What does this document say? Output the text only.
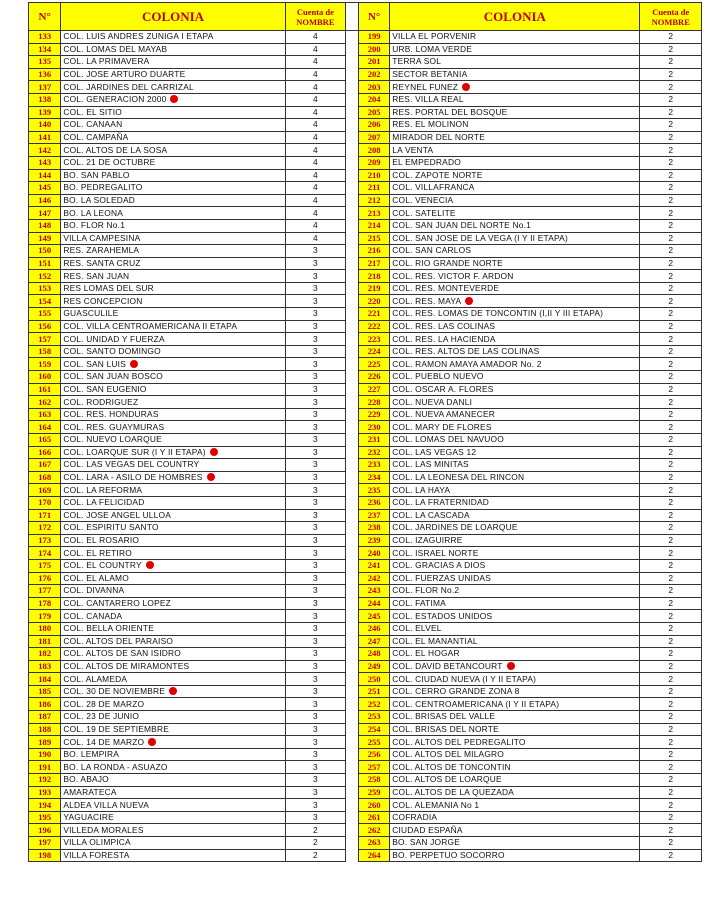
N°	COLONIA	Cuenta de NOMBRE		N°	COLONIA	Cuenta de NOMBRE
133	COL. LUIS ANDRES ZUNIGA I ETAPA	4		199	VILLA EL PORVENIR	2
134	COL. LOMAS DEL MAYAB	4		200	URB. LOMA VERDE	2
135	COL. LA PRIMAVERA	4		201	TERRA SOL	2
136	COL. JOSE ARTURO DUARTE	4		202	SECTOR BETANIA	2
137	COL. JARDINES DEL CARRIZAL	4		203	REYNEL FUNEZ	2
138	COL. GENERACION 2000	4		204	RES. VILLA REAL	2
139	COL. EL SITIO	4		205	RES. PORTAL DEL BOSQUE	2
140	COL. CANAAN	4		206	RES. EL MOLINON	2
141	COL. CAMPAÑA	4		207	MIRADOR DEL NORTE	2
142	COL. ALTOS DE LA SOSA	4		208	LA VENTA	2
143	COL. 21 DE OCTUBRE	4		209	EL EMPEDRADO	2
144	BO. SAN PABLO	4		210	COL. ZAPOTE NORTE	2
145	BO. PEDREGALITO	4		211	COL. VILLAFRANCA	2
146	BO. LA SOLEDAD	4		212	COL. VENECIA	2
147	BO. LA LEONA	4		213	COL. SATELITE	2
148	BO. FLOR No.1	4		214	COL. SAN JUAN DEL NORTE No.1	2
149	VILLA CAMPESINA	4		215	COL. SAN JOSE DE LA VEGA (I Y II ETAPA)	2
150	RES. ZARAHEMLA	3		216	COL. SAN CARLOS	2
151	RES. SANTA CRUZ	3		217	COL. RIO GRANDE NORTE	2
152	RES. SAN JUAN	3		218	COL. RES. VICTOR F. ARDON	2
153	RES LOMAS DEL SUR	3		219	COL. RES. MONTEVERDE	2
154	RES CONCEPCION	3		220	COL. RES. MAYA	2
155	GUASCULILE	3		221	COL. RES. LOMAS DE TONCONTIN (I,II Y III ETAPA)	2
156	COL. VILLA CENTROAMERICANA II ETAPA	3		222	COL. RES. LAS COLINAS	2
157	COL. UNIDAD Y FUERZA	3		223	COL. RES. LA HACIENDA	2
158	COL. SANTO DOMINGO	3		224	COL. RES. ALTOS DE LAS COLINAS	2
159	COL. SAN LUIS	3		225	COL. RAMON AMAYA AMADOR No. 2	2
160	COL. SAN JUAN BOSCO	3		226	COL. PUEBLO NUEVO	2
161	COL. SAN EUGENIO	3		227	COL. OSCAR A. FLORES	2
162	COL. RODRIGUEZ	3		228	COL. NUEVA DANLI	2
163	COL. RES. HONDURAS	3		229	COL. NUEVA AMANECER	2
164	COL. RES. GUAYMURAS	3		230	COL. MARY DE FLORES	2
165	COL. NUEVO LOARQUE	3		231	COL. LOMAS DEL NAVUOO	2
166	COL. LOARQUE SUR (I Y II ETAPA)	3		232	COL. LAS VEGAS 12	2
167	COL. LAS VEGAS DEL COUNTRY	3		233	COL. LAS MINITAS	2
168	COL. LARA - ASILO DE HOMBRES	3		234	COL. LA LEONESA DEL RINCON	2
169	COL. LA REFORMA	3		235	COL. LA HAYA	2
170	COL. LA FELICIDAD	3		236	COL. LA FRATERNIDAD	2
171	COL. JOSE ANGEL ULLOA	3		237	COL. LA CASCADA	2
172	COL. ESPIRITU SANTO	3		238	COL. JARDINES DE LOARQUE	2
173	COL. EL ROSARIO	3		239	COL. IZAGUIRRE	2
174	COL. EL RETIRO	3		240	COL. ISRAEL NORTE	2
175	COL. EL COUNTRY	3		241	COL. GRACIAS A DIOS	2
176	COL. EL ALAMO	3		242	COL. FUERZAS UNIDAS	2
177	COL. DIVANNA	3		243	COL. FLOR No.2	2
178	COL. CANTARERO LOPEZ	3		244	COL. FATIMA	2
179	COL. CANADA	3		245	COL. ESTADOS UNIDOS	2
180	COL. BELLA ORIENTE	3		246	COL. ELVEL	2
181	COL. ALTOS DEL PARAISO	3		247	COL. EL MANANTIAL	2
182	COL. ALTOS DE SAN ISIDRO	3		248	COL. EL HOGAR	2
183	COL. ALTOS DE MIRAMONTES	3		249	COL. DAVID BETANCOURT	2
184	COL. ALAMEDA	3		250	COL. CIUDAD NUEVA (I Y II ETAPA)	2
185	COL. 30 DE NOVIEMBRE	3		251	COL. CERRO GRANDE ZONA 8	2
186	COL. 28 DE MARZO	3		252	COL. CENTROAMERICANA (I Y II ETAPA)	2
187	COL. 23 DE JUNIO	3		253	COL. BRISAS DEL VALLE	2
188	COL. 19 DE SEPTIEMBRE	3		254	COL. BRISAS DEL NORTE	2
189	COL. 14 DE MARZO	3		255	COL. ALTOS DEL PEDREGALITO	2
190	BO. LEMPIRA	3		256	COL. ALTOS DEL MILAGRO	2
191	BO. LA RONDA - ASUAZO	3		257	COL. ALTOS DE TONCONTIN	2
192	BO. ABAJO	3		258	COL. ALTOS DE LOARQUE	2
193	AMARATECA	3		259	COL. ALTOS DE LA QUEZADA	2
194	ALDEA VILLA NUEVA	3		260	COL. ALEMANIA No 1	2
195	YAGUACIRE	3		261	COFRADIA	2
196	VILLEDA MORALES	2		262	CIUDAD ESPAÑA	2
197	VILLA OLIMPICA	2		263	BO. SAN JORGE	2
198	VILLA FORESTA	2		264	BO. PERPETUO SOCORRO	2
